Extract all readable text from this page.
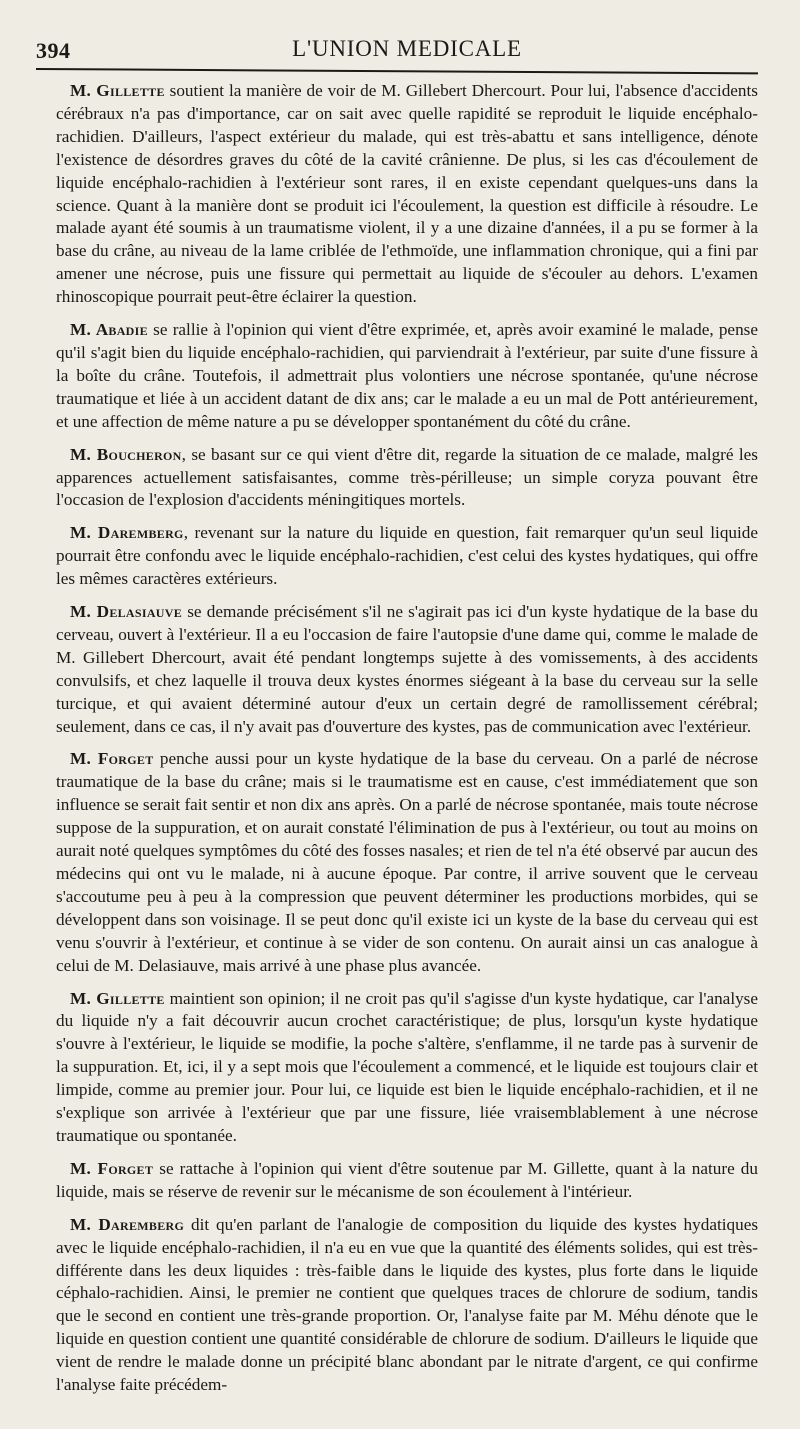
394	L'UNION MEDICALE

M. Gillette soutient la manière de voir de M. Gillebert Dhercourt. Pour lui, l'absence d'accidents cérébraux n'a pas d'importance, car on sait avec quelle rapidité se reproduit le liquide encéphalo-rachidien. D'ailleurs, l'aspect extérieur du malade, qui est très-abattu et sans intelligence, dénote l'existence de désordres graves du côté de la cavité crânienne. De plus, si les cas d'écoulement de liquide encéphalo-rachidien à l'extérieur sont rares, il en existe cependant quelques-uns dans la science. Quant à la manière dont se produit ici l'écoulement, la question est difficile à résoudre. Le malade ayant été soumis à un traumatisme violent, il y a une dizaine d'années, il a pu se former à la base du crâne, au niveau de la lame criblée de l'ethmoïde, une inflammation chronique, qui a fini par amener une nécrose, puis une fissure qui permettait au liquide de s'écouler au dehors. L'examen rhinoscopique pourrait peut-être éclairer la question.

M. Abadie se rallie à l'opinion qui vient d'être exprimée, et, après avoir examiné le malade, pense qu'il s'agit bien du liquide encéphalo-rachidien, qui parviendrait à l'extérieur, par suite d'une fissure à la boîte du crâne. Toutefois, il admettrait plus volontiers une nécrose spontanée, qu'une nécrose traumatique et liée à un accident datant de dix ans; car le malade a eu un mal de Pott antérieurement, et une affection de même nature a pu se développer spontanément du côté du crâne.

M. Boucheron, se basant sur ce qui vient d'être dit, regarde la situation de ce malade, malgré les apparences actuellement satisfaisantes, comme très-périlleuse; un simple coryza pouvant être l'occasion de l'explosion d'accidents méningitiques mortels.

M. Daremberg, revenant sur la nature du liquide en question, fait remarquer qu'un seul liquide pourrait être confondu avec le liquide encéphalo-rachidien, c'est celui des kystes hydatiques, qui offre les mêmes caractères extérieurs.

M. Delasiauve se demande précisément s'il ne s'agirait pas ici d'un kyste hydatique de la base du cerveau, ouvert à l'extérieur. Il a eu l'occasion de faire l'autopsie d'une dame qui, comme le malade de M. Gillebert Dhercourt, avait été pendant longtemps sujette à des vomissements, à des accidents convulsifs, et chez laquelle il trouva deux kystes énormes siégeant à la base du cerveau sur la selle turcique, et qui avaient déterminé autour d'eux un certain degré de ramollissement cérébral; seulement, dans ce cas, il n'y avait pas d'ouverture des kystes, pas de communication avec l'extérieur.

M. Forget penche aussi pour un kyste hydatique de la base du cerveau. On a parlé de nécrose traumatique de la base du crâne; mais si le traumatisme est en cause, c'est immédiatement que son influence se serait fait sentir et non dix ans après. On a parlé de nécrose spontanée, mais toute nécrose suppose de la suppuration, et on aurait constaté l'élimination de pus à l'extérieur, ou tout au moins on aurait noté quelques symptômes du côté des fosses nasales; et rien de tel n'a été observé par aucun des médecins qui ont vu le malade, ni à aucune époque. Par contre, il arrive souvent que le cerveau s'accoutume peu à peu à la compression que peuvent déterminer les productions morbides, qui se développent dans son voisinage. Il se peut donc qu'il existe ici un kyste de la base du cerveau qui est venu s'ouvrir à l'extérieur, et continue à se vider de son contenu. On aurait ainsi un cas analogue à celui de M. Delasiauve, mais arrivé à une phase plus avancée.

M. Gillette maintient son opinion; il ne croit pas qu'il s'agisse d'un kyste hydatique, car l'analyse du liquide n'y a fait découvrir aucun crochet caractéristique; de plus, lorsqu'un kyste hydatique s'ouvre à l'extérieur, le liquide se modifie, la poche s'altère, s'enflamme, il ne tarde pas à survenir de la suppuration. Et, ici, il y a sept mois que l'écoulement a commencé, et le liquide est toujours clair et limpide, comme au premier jour. Pour lui, ce liquide est bien le liquide encéphalo-rachidien, et il ne s'explique son arrivée à l'extérieur que par une fissure, liée vraisemblablement à une nécrose traumatique ou spontanée.

M. Forget se rattache à l'opinion qui vient d'être soutenue par M. Gillette, quant à la nature du liquide, mais se réserve de revenir sur le mécanisme de son écoulement à l'intérieur.

M. Daremberg dit qu'en parlant de l'analogie de composition du liquide des kystes hydatiques avec le liquide encéphalo-rachidien, il n'a eu en vue que la quantité des éléments solides, qui est très-différente dans les deux liquides : très-faible dans le liquide des kystes, plus forte dans le liquide céphalo-rachidien. Ainsi, le premier ne contient que quelques traces de chlorure de sodium, tandis que le second en contient une très-grande proportion. Or, l'analyse faite par M. Méhu dénote que le liquide en question contient une quantité considérable de chlorure de sodium. D'ailleurs le liquide que vient de rendre le malade donne un précipité blanc abondant par le nitrate d'argent, ce qui confirme l'analyse faite précédem-
